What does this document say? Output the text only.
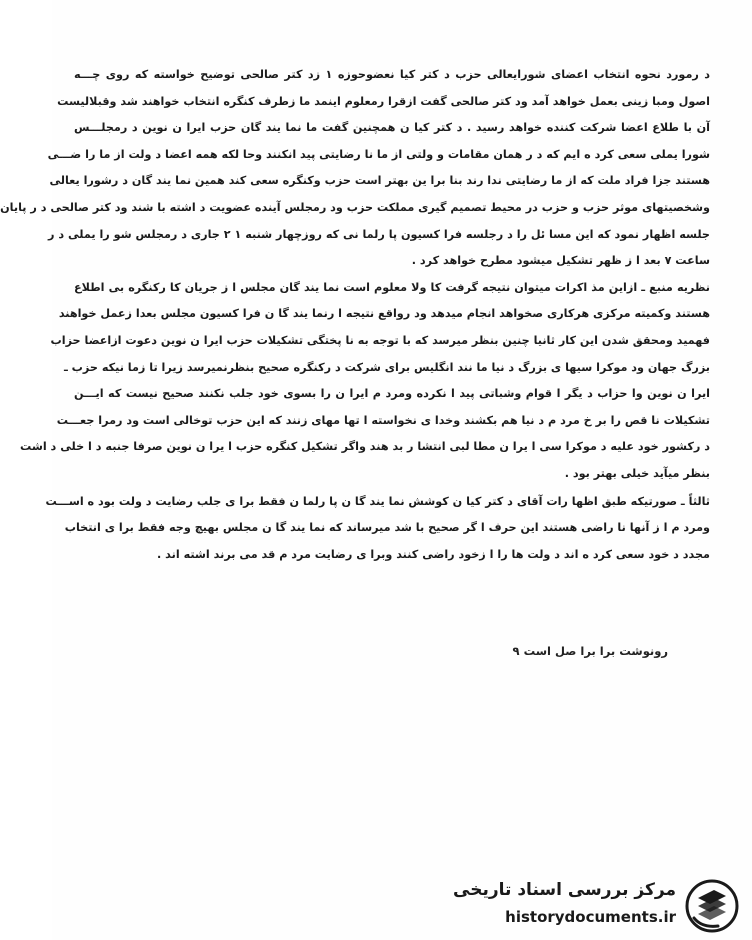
د رمورد نحوه انتخاب اعضای شورایعالی حزب د کتر کیا نعضوحوزه ۱ زد کتر صالحی توضیح خواسته که روی چـــه
اصول ومبا زینی بعمل خواهد آمد ود کتر صالحی گفت ازقرا رمعلوم اینمد ما زطرف کنگره انتخاب خواهند شد وقبلالیست
آن با طلاع اعضا شرکت کننده خواهد رسید . د کتر کیا ن همچنین گفت ما نما یند گان حزب ایرا ن نوین د رمجلـــس
شورا یملی سعی کرد ه ایم که د ر همان مقامات و ولتی از ما نا رضایتی پید انکنند وحا لکه همه اعضا د ولت از ما را ضـــی
هستند جزا فراد ملت که از ما رضایتی ندا رند بنا برا ین بهتر است حزب وکنگره سعی کند همین نما یند گان د رشورا یعالی
وشخصیتهای موثر حزب و حزب در محیط تصمیم گیری مملکت حزب ود رمجلس آینده عضویت د اشته با شند ود کتر صالحی د ر پایان
جلسه اظهار نمود که این مسا ئل را د رجلسه فرا کسیون پا رلما نی که روزچهار شنبه ۱ ۲ جاری د رمجلس شو را یملی د ر
ساعت ۷ بعد ا ز ظهر تشکیل میشود مطرح خواهد کرد .
نظریه منبع ـ ازاین مذ اکرات میتوان نتیجه گرفت کا ولا معلوم است نما یند گان مجلس ا ز جریان کا رکنگره بی اطلاع
هستند وکمیته مرکزی هرکاری صخواهد انجام میدهد ود رواقع نتیجه ا رنما یند گا ن فرا کسیون مجلس بعدا زعمل خواهند
فهمید ومحقق شدن این کار ثانیا چنین بنظر میرسد که با توجه به نا پختگی تشکیلات حزب ایرا ن نوین دعوت ازاعضا حزاب
بزرگ جهان ود موکرا سیها ی بزرگ د نیا ما نند انگلیس برای شرکت د رکنگره صحیح بنظرنمیرسد زیرا تا زما نیکه حزب ـ
ایرا ن نوین وا حزاب د یگر ا قوام وشباتی پید ا نکرده ومرد م ایرا ن را بسوی خود جلب نکنند صحیح نیست که ایـــن
تشکیلات نا قص را بر خ مرد م د نیا هم بکشند وخدا ی نخواسته ا تها مهای زنند که این حزب توخالی است ود رمرا جعـــت
د رکشور خود علیه د موکرا سی ا یرا ن مطا لبی انتشا ر بد هند واگر تشکیل کنگره حزب ا یرا ن نوین صرفا جنبه د ا خلی د اشت
بنظر میآید خیلی بهتر بود .
ثالثاً ـ صورتیکه طبق اظها رات آقای د کتر کیا ن کوشش نما یند گا ن پا رلما ن فقط برا ی جلب رضایت د ولت بود ه اســـت
ومرد م ا ز آنها نا راضی هستند این حرف ا گر صحیح با شد میرساند که نما یند گا ن مجلس بهیچ وجه فقط برا ی انتخاب
مجدد د خود سعی کرد ه اند د ولت ها را ا زخود راضی کنند وبرا ی رضایت مرد م قد می برند اشته اند .
رونوشت برا برا صل است ۹
مرکز بررسی اسناد تاریخی
historydocuments.ir
